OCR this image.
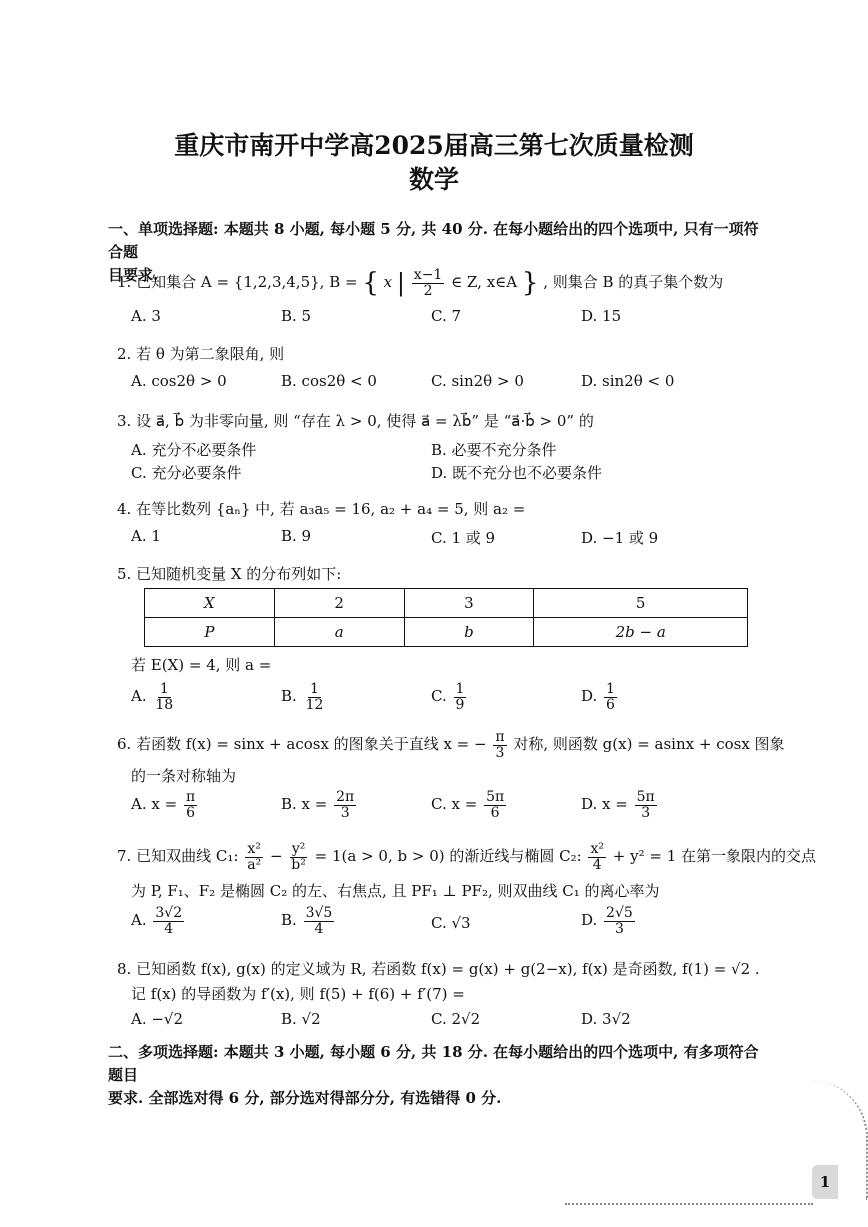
重庆市南开中学高2025届高三第七次质量检测
数学
一、单项选择题: 本题共 8 小题, 每小题 5 分, 共 40 分. 在每小题给出的四个选项中, 只有一项符合题
目要求.
1. 已知集合 A = {1,2,3,4,5}, B = { x | $\frac{x-1}{2}$ ∈ Z, x∈A } , 则集合 B 的真子集个数为
A. 3	B. 5	C. 7	D. 15
2. 若 θ 为第二象限角, 则
A. cos2θ > 0	B. cos2θ < 0	C. sin2θ > 0	D. sin2θ < 0
3. 设 a⃗, b⃗ 为非零向量, 则 “存在 λ > 0, 使得 a⃗ = λb⃗” 是 “a⃗·b⃗ > 0” 的
A. 充分不必要条件	B. 必要不充分条件
C. 充分必要条件	D. 既不充分也不必要条件
4. 在等比数列 {aₙ} 中, 若 a₃a₅ = 16, a₂ + a₄ = 5, 则 a₂ =
A. 1	B. 9	C. 1 或 9	D. −1 或 9
5. 已知随机变量 X 的分布列如下:
X	2	3	5
P	a	b	2b − a
若 E(X) = 4, 则 a =
A. $\frac{1}{18}$	B. $\frac{1}{12}$	C. $\frac{1}{9}$	D. $\frac{1}{6}$
6. 若函数 f(x) = sinx + acosx 的图象关于直线 x = − $\frac{\pi}{3}$ 对称, 则函数 g(x) = asinx + cosx 图象
的一条对称轴为
A. $x = \frac{\pi}{6}$	B. $x = \frac{2\pi}{3}$	C. $x = \frac{5\pi}{6}$	D. $x = \frac{5\pi}{3}$
7. 已知双曲线 C₁: $\frac{\text{x²}}{\text{a²}} - \frac{\text{y²}}{\text{b²}} = 1(a > 0$, b > 0) 的渐近线与椭圆 C₂: $\frac{\text{x²}}{4} + y^2 = 1$ 在第一象限内的交点
为 P, F₁、F₂ 是椭圆 C₂ 的左、右焦点, 且 PF₁ ⊥ PF₂, 则双曲线 C₁ 的离心率为
A. $\frac{3√2}{4}$	B. $\frac{3√5}{4}$	C. √3	D. $\frac{2√5}{3}$
8. 已知函数 f(x), g(x) 的定义域为 R, 若函数 f(x) = g(x) + g(2−x), f(x) 是奇函数, f(1) = √2 .
记 f(x) 的导函数为 f′(x), 则 f(5) + f(6) + f′(7) =
A. −√2	B. √2	C. 2√2	D. 3√2
二、多项选择题: 本题共 3 小题, 每小题 6 分, 共 18 分. 在每小题给出的四个选项中, 有多项符合题目
要求. 全部选对得 6 分, 部分选对得部分分, 有选错得 0 分.
1
